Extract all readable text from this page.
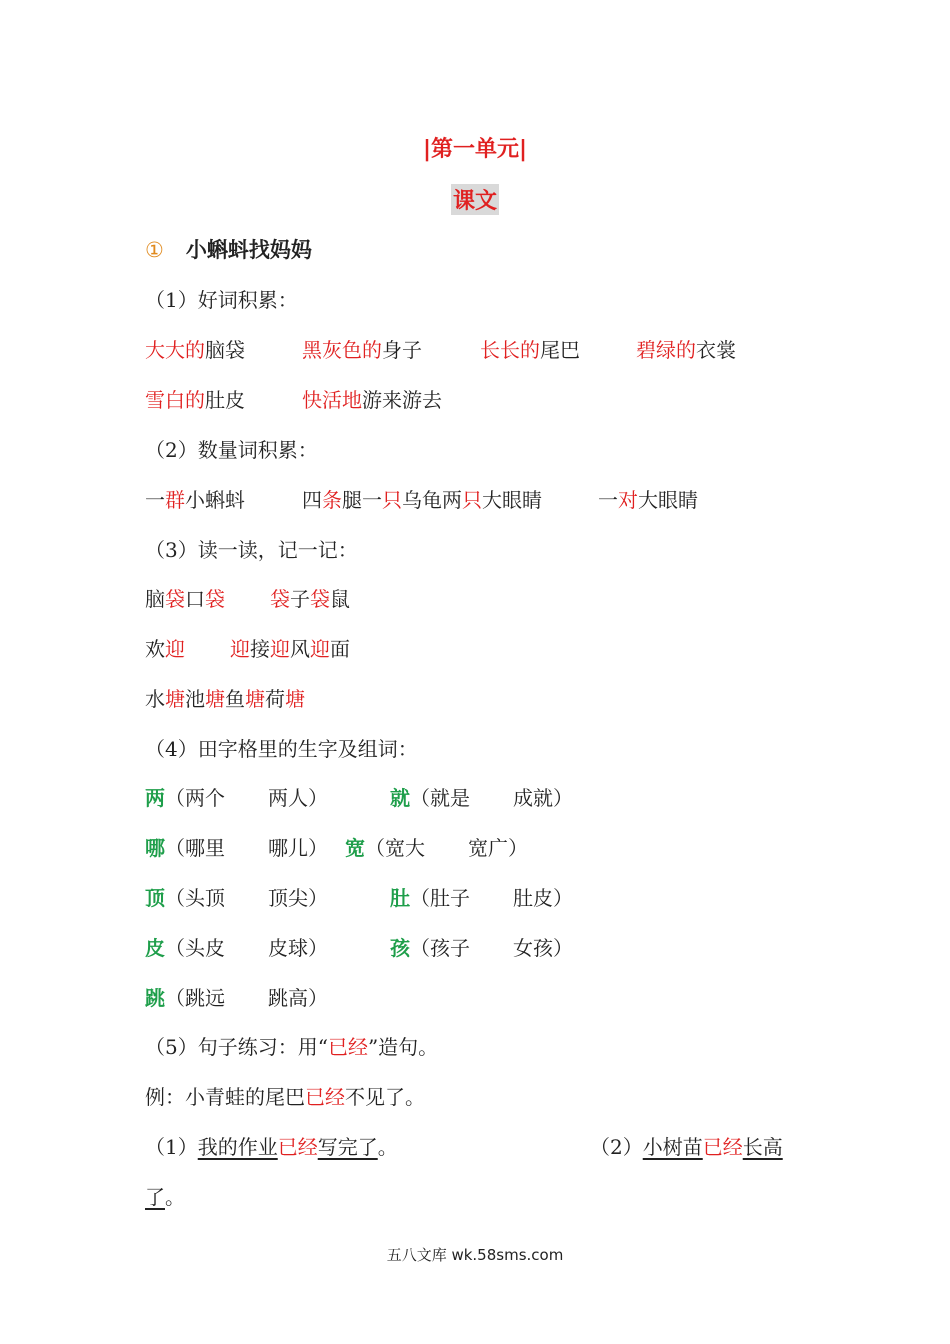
|第一单元|
课文
① 小蝌蚪找妈妈
（1）好词积累：
大大的脑袋	黑灰色的身子	长长的尾巴	碧绿的衣裳
雪白的肚皮	快活地游来游去
（2）数量词积累：
一群小蝌蚪	四条腿一只乌龟两只大眼睛	一对大眼睛
（3）读一读，记一记：
脑袋口袋 袋子袋鼠
欢迎 迎接迎风迎面
水塘池塘鱼塘荷塘
（4）田字格里的生字及组词：
两（两个 两人）	就（就是 成就）
哪（哪里 哪儿） 宽（宽大 宽广）
顶（头顶 顶尖）	肚（肚子 肚皮）
皮（头皮 皮球）	孩（孩子 女孩）
跳（跳远 跳高）
（5）句子练习：用“已经”造句。
例：小青蛙的尾巴已经不见了。
（1）我的作业已经写完了。	（2）小树苗已经长高
了。
五八文库 wk.58sms.com
